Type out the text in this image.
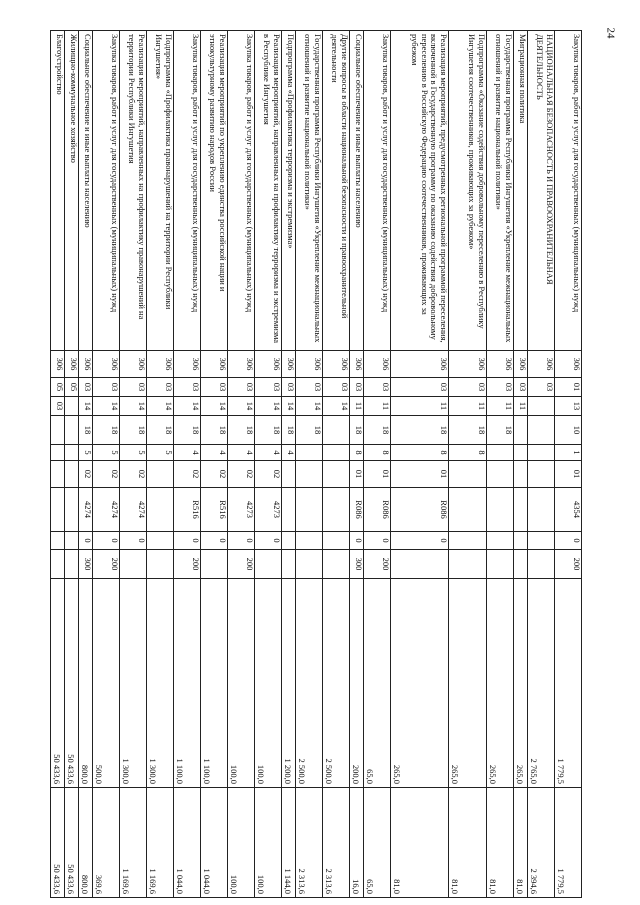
24
Закупка товаров, работ и услуг для государственных (муниципальных) нужд	306	01	13	10	1	01	4354	0	200	1 779,5	1 779,5
НАЦИОНАЛЬНАЯ БЕЗОПАСНОСТЬ И ПРАВООХРАНИТЕЛЬНАЯ ДЕЯТЕЛЬНОСТЬ	306	03								2 765,0	2 394,6
Миграционная политика	306	03	11							265,0	81,0
Государственная программа Республики Ингушетия «Укрепление межнациональных отношений и развитие национальной политики»	306	03	11	18						265,0	81,0
Подпрограмма «Оказание содействия добровольному переселению в Республику Ингушетия соотечественников, проживающих за рубежом»	306	03	11	18	8					265,0	81,0
Реализация мероприятий, предусмотренных региональной программой переселения, включенной в Государственную программу по оказанию содействия добровольному переселению в Российскую Федерацию соотечественников, проживающих за рубежом	306	03	11	18	8	01	R086	0		265,0	81,0
Закупка товаров, работ и услуг для государственных (муниципальных) нужд	306	03	11	18	8	01	R086	0	200	65,0	65,0
Социальное обеспечение и иные выплаты населению	306	03	11	18	8	01	R086	0	300	200,0	16,0
Другие вопросы в области национальной безопасности и правоохранительной деятельности	306	03	14							2 500,0	2 313,6
Государственная программа Республики Ингушетия «Укрепление межнациональных отношений и развитие национальной политики»	306	03	14	18						2 500,0	2 313,6
Подпрограмма «Профилактика терроризма и экстремизма»	306	03	14	18	4					1 200,0	1 144,0
Реализация мероприятий, направленных на профилактику терроризма и экстремизма в Республике Ингушетия	306	03	14	18	4	02	4273	0		100,0	100,0
Закупка товаров, работ и услуг для государственных (муниципальных) нужд	306	03	14	18	4	02	4273	0	200	100,0	100,0
Реализация мероприятий по укреплению единства российской нации и этнокультурному развитию народов России	306	03	14	18	4	02	R516	0		1 100,0	1 044,0
Закупка товаров, работ и услуг для государственных (муниципальных) нужд	306	03	14	18	4	02	R516	0	200	1 100,0	1 044,0
Подпрограмма «Профилактика правонарушений на территории Республики Ингушетия»	306	03	14	18	5					1 300,0	1 169,6
Реализация мероприятий, направленных на профилактику правонарушений на территории Республики Ингушетия	306	03	14	18	5	02	4274	0		1 300,0	1 169,6
Закупка товаров, работ и услуг для государственных (муниципальных) нужд	306	03	14	18	5	02	4274	0	200	500,0	369,6
Социальное обеспечение и иные выплаты населению	306	03	14	18	5	02	4274	0	300	800,0	800,0
Жилищно-коммунальное хозяйство	306	05								50 433,6	50 433,6
Благоустройство	306	05	03							50 433,6	50 433,6
